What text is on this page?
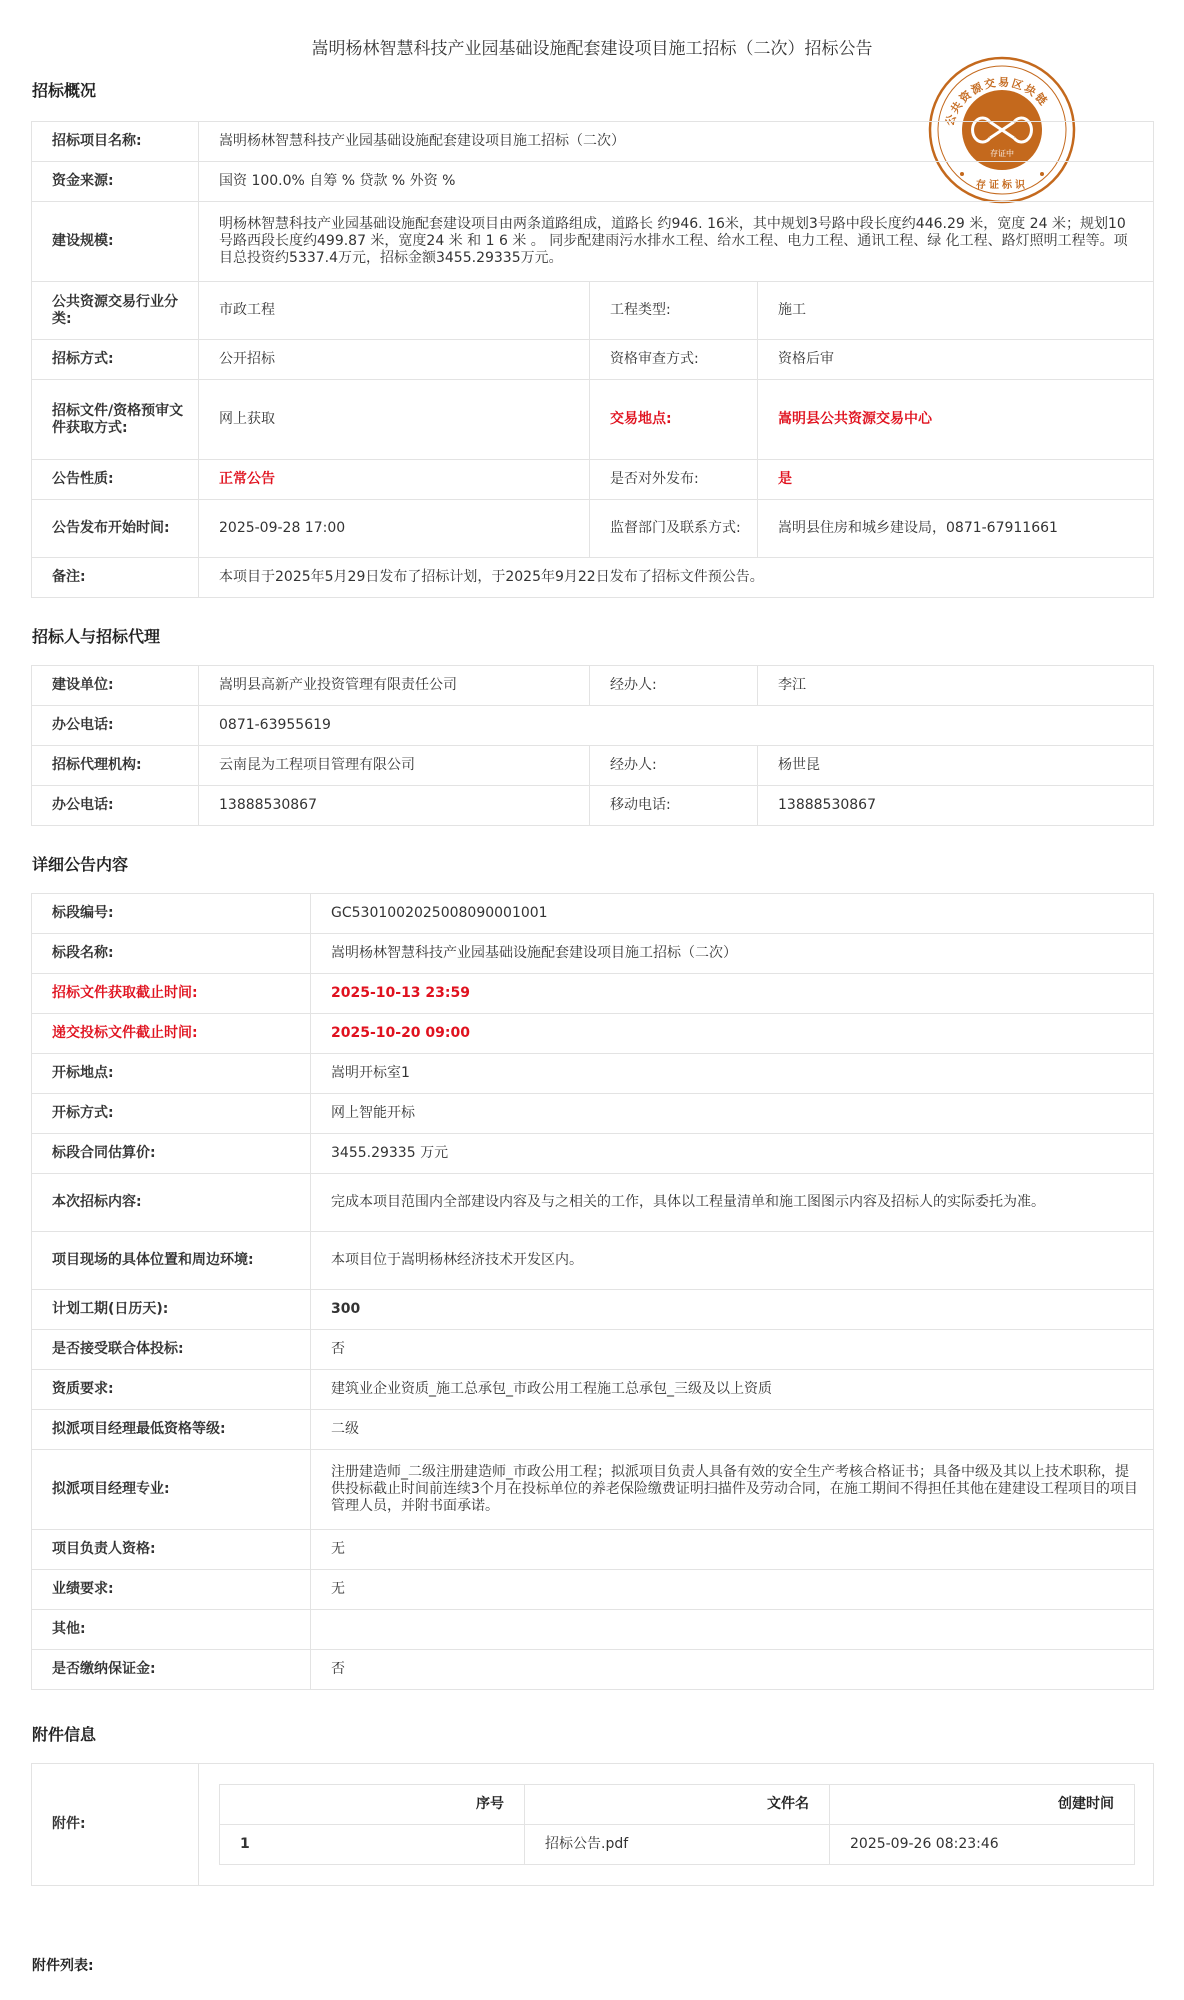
嵩明杨林智慧科技产业园基础设施配套建设项目施工招标（二次）招标公告
公共资源交易区块链
存证中
存证标识
招标概况
招标项目名称:	嵩明杨林智慧科技产业园基础设施配套建设项目施工招标（二次）		
资金来源:	国资 100.0% 自筹 % 贷款 % 外资 %		
建设规模:	明杨林智慧科技产业园基础设施配套建设项目由两条道路组成，道路长 约946. 16米，其中规划3号路中段长度约446.29 米，宽度 24 米；规划10号路西段长度约499.87 米，宽度24 米 和 1 6 米 。 同步配建雨污水排水工程、给水工程、电力工程、通讯工程、绿 化工程、路灯照明工程等。项目总投资约5337.4万元，招标金额3455.29335万元。		
公共资源交易行业分类:	市政工程	工程类型:	施工
招标方式:	公开招标	资格审查方式:	资格后审
招标文件/资格预审文件获取方式:	网上获取	交易地点:	嵩明县公共资源交易中心
公告性质:	正常公告	是否对外发布:	是
公告发布开始时间:	2025-09-28 17:00	监督部门及联系方式:	嵩明县住房和城乡建设局，0871-67911661
备注:	本项目于2025年5月29日发布了招标计划，于2025年9月22日发布了招标文件预公告。		
招标人与招标代理
建设单位:	嵩明县高新产业投资管理有限责任公司	经办人:	李江
办公电话:	0871-63955619		
招标代理机构:	云南昆为工程项目管理有限公司	经办人:	杨世昆
办公电话:	13888530867	移动电话:	13888530867
详细公告内容
标段编号:	GC5301002025008090001001
标段名称:	嵩明杨林智慧科技产业园基础设施配套建设项目施工招标（二次）
招标文件获取截止时间:	2025-10-13 23:59
递交投标文件截止时间:	2025-10-20 09:00
开标地点:	嵩明开标室1
开标方式:	网上智能开标
标段合同估算价:	3455.29335 万元
本次招标内容:	完成本项目范围内全部建设内容及与之相关的工作，具体以工程量清单和施工图图示内容及招标人的实际委托为准。
项目现场的具体位置和周边环境:	本项目位于嵩明杨林经济技术开发区内。
计划工期(日历天):	300
是否接受联合体投标:	否
资质要求:	建筑业企业资质_施工总承包_市政公用工程施工总承包_三级及以上资质
拟派项目经理最低资格等级:	二级
拟派项目经理专业:	注册建造师_二级注册建造师_市政公用工程；拟派项目负责人具备有效的安全生产考核合格证书；具备中级及其以上技术职称，提供投标截止时间前连续3个月在投标单位的养老保险缴费证明扫描件及劳动合同，在施工期间不得担任其他在建建设工程项目的项目管理人员，并附书面承诺。
项目负责人资格:	无
业绩要求:	无
其他:	
是否缴纳保证金:	否
附件信息
附件:	
序号	文件名	创建时间
1	招标公告.pdf	2025-09-26 08:23:46
附件列表:
